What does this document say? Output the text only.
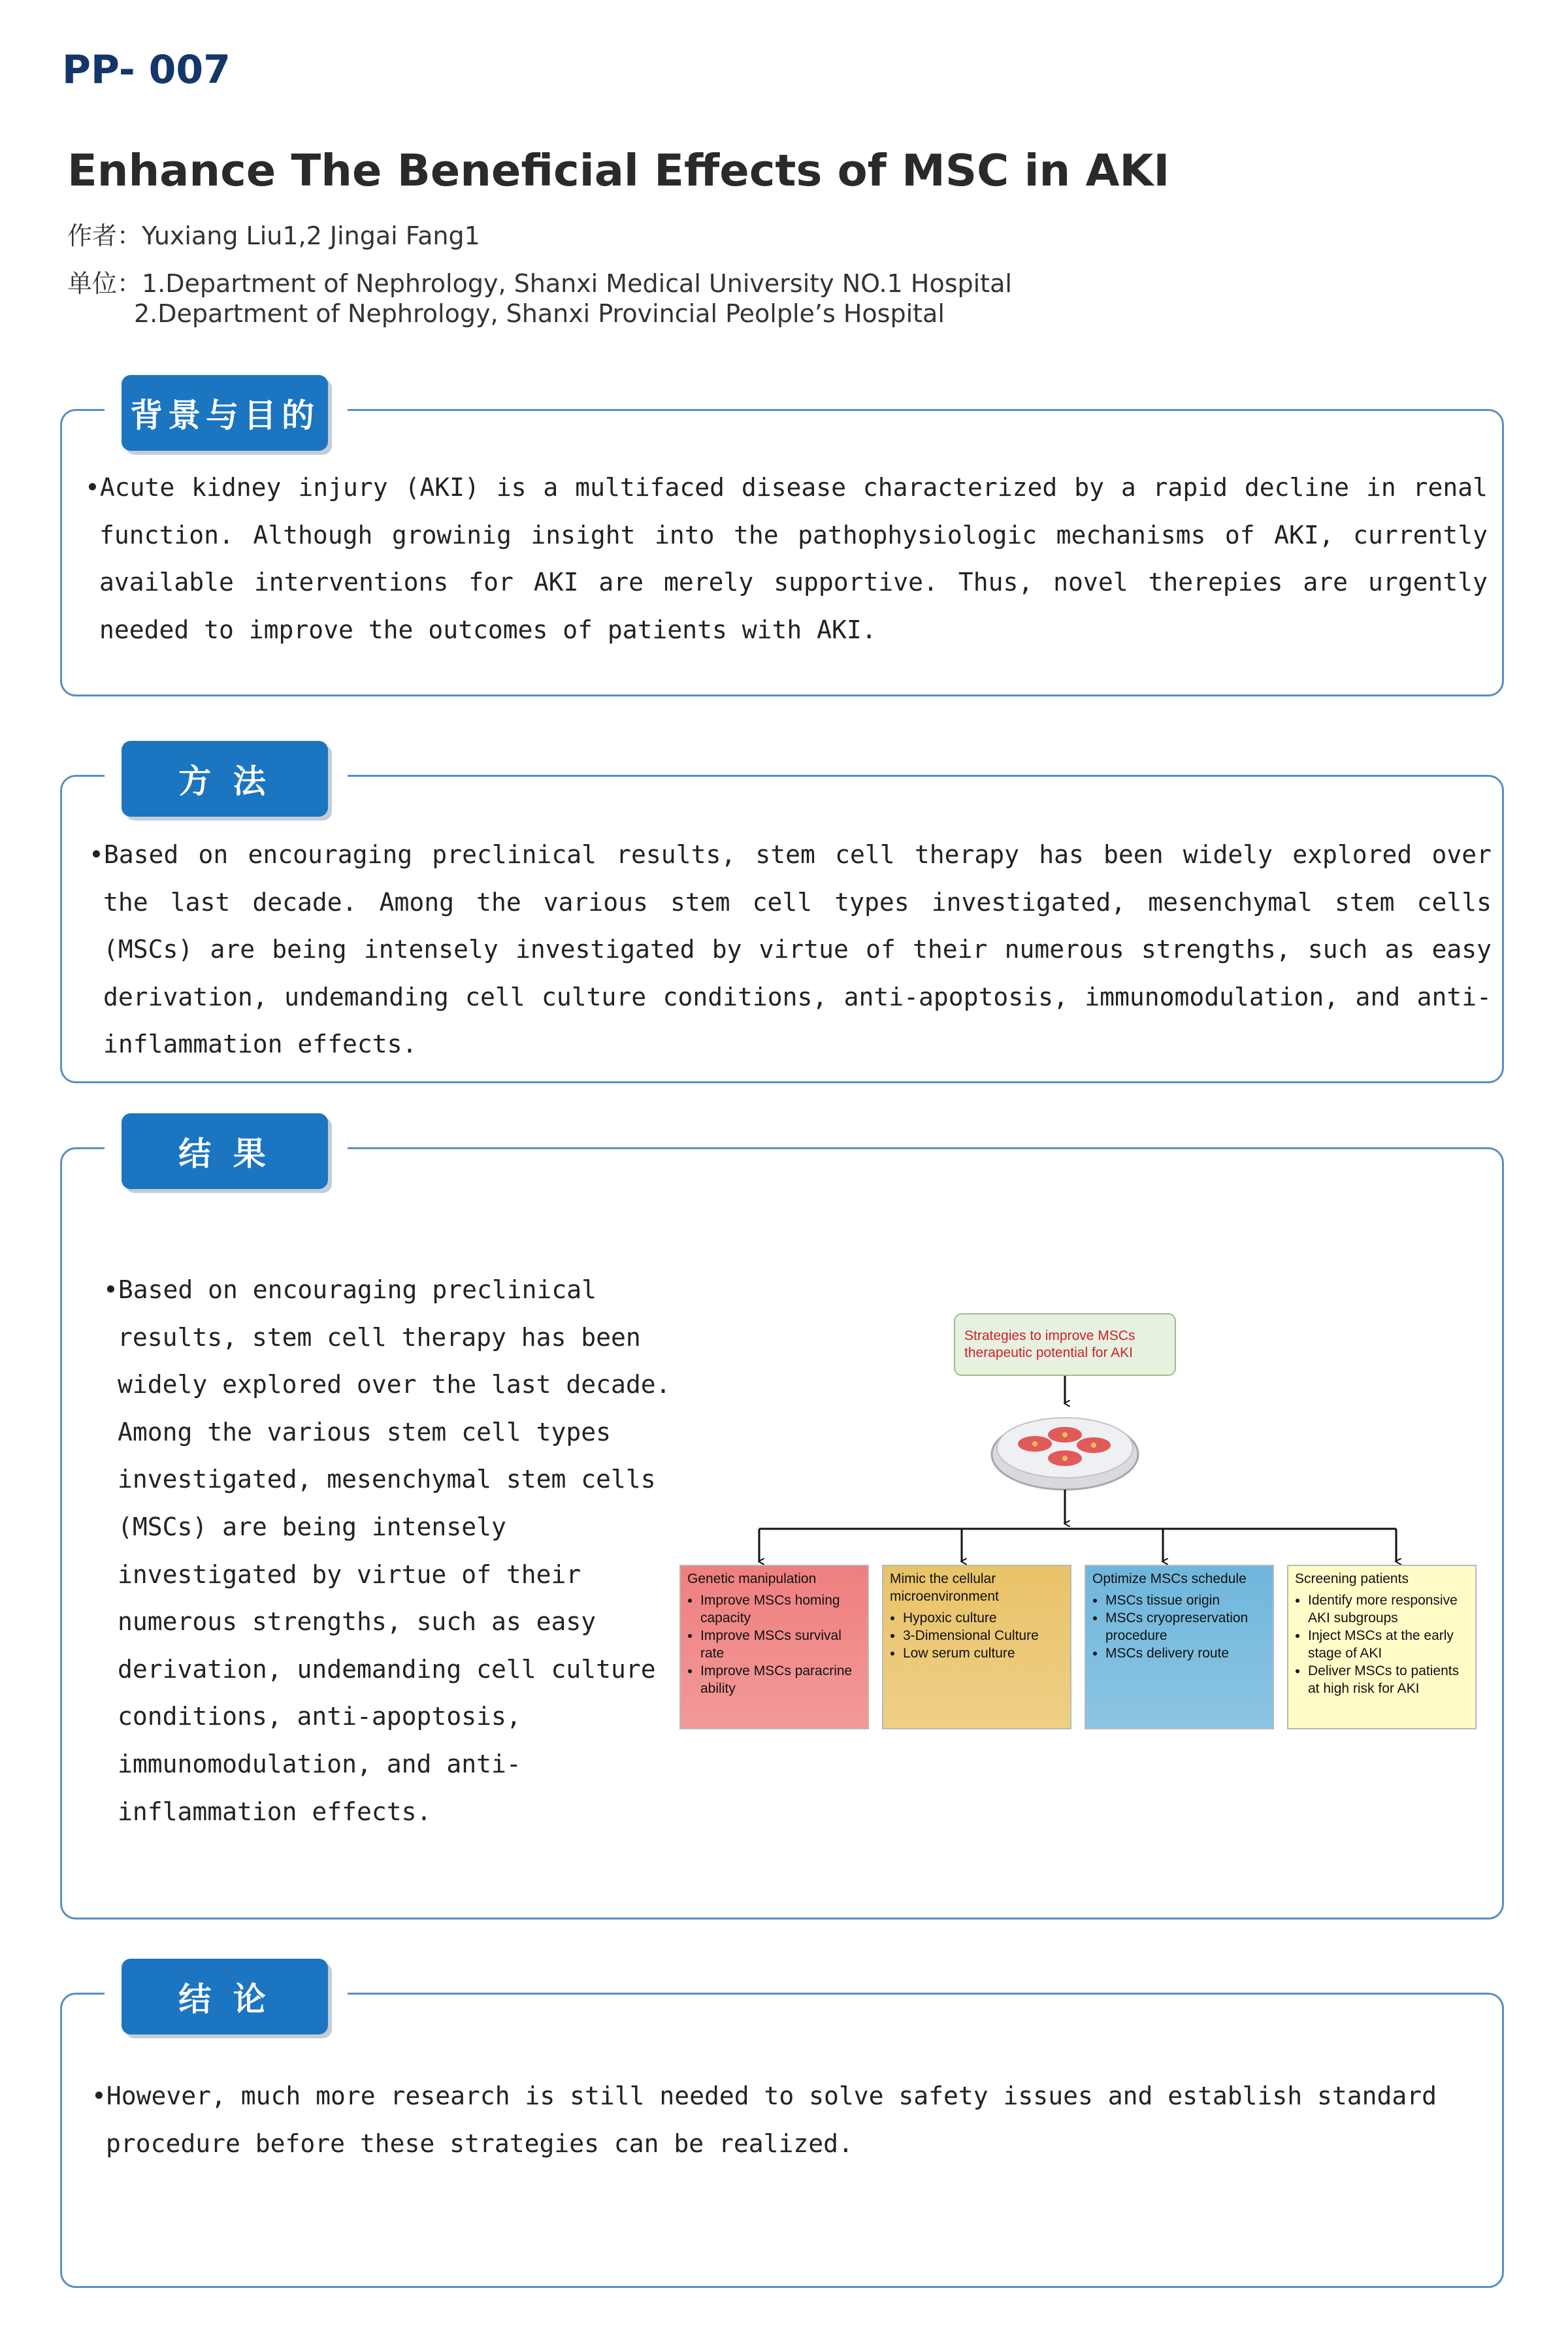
PP- 007
Enhance The Beneficial Effects of MSC in AKI
作者：Yuxiang Liu1,2 Jingai Fang1
单位：1.Department of Nephrology, Shanxi Medical University NO.1 Hospital
2.Department of Nephrology, Shanxi Provincial Peolple’s Hospital
背景与目的
•Acute kidney injury (AKI) is a multifaced disease characterized by a rapid decline in renal function. Although growinig insight into the pathophysiologic mechanisms of AKI, currently available interventions for AKI are merely supportive. Thus, novel therepies are urgently needed to improve the outcomes of patients with AKI.
方 法
•Based on encouraging preclinical results, stem cell therapy has been widely explored over the last decade. Among the various stem cell types investigated, mesenchymal stem cells (MSCs) are being intensely investigated by virtue of their numerous strengths, such as easy derivation, undemanding cell culture conditions, anti-apoptosis, immunomodulation, and anti-inflammation effects.
结 果
•Based on encouraging preclinical results, stem cell therapy has been widely explored over the last decade. Among the various stem cell types investigated, mesenchymal stem cells (MSCs) are being intensely investigated by virtue of their numerous strengths, such as easy derivation, undemanding cell culture conditions, anti-apoptosis, immunomodulation, and anti-inflammation effects.
Strategies to improve MSCs therapeutic potential for AKI
Genetic manipulation
• Improve MSCs homing capacity
• Improve MSCs survival rate
• Improve MSCs paracrine ability
Mimic the cellular microenvironment
• Hypoxic culture
• 3-Dimensional Culture
• Low serum culture
Optimize MSCs schedule
• MSCs tissue origin
• MSCs cryopreservation procedure
• MSCs delivery route
Screening patients
• Identify more responsive AKI subgroups
• Inject MSCs at the early stage of AKI
• Deliver MSCs to patients at high risk for AKI
结 论
•However, much more research is still needed to solve safety issues and establish standard procedure before these strategies can be realized.
